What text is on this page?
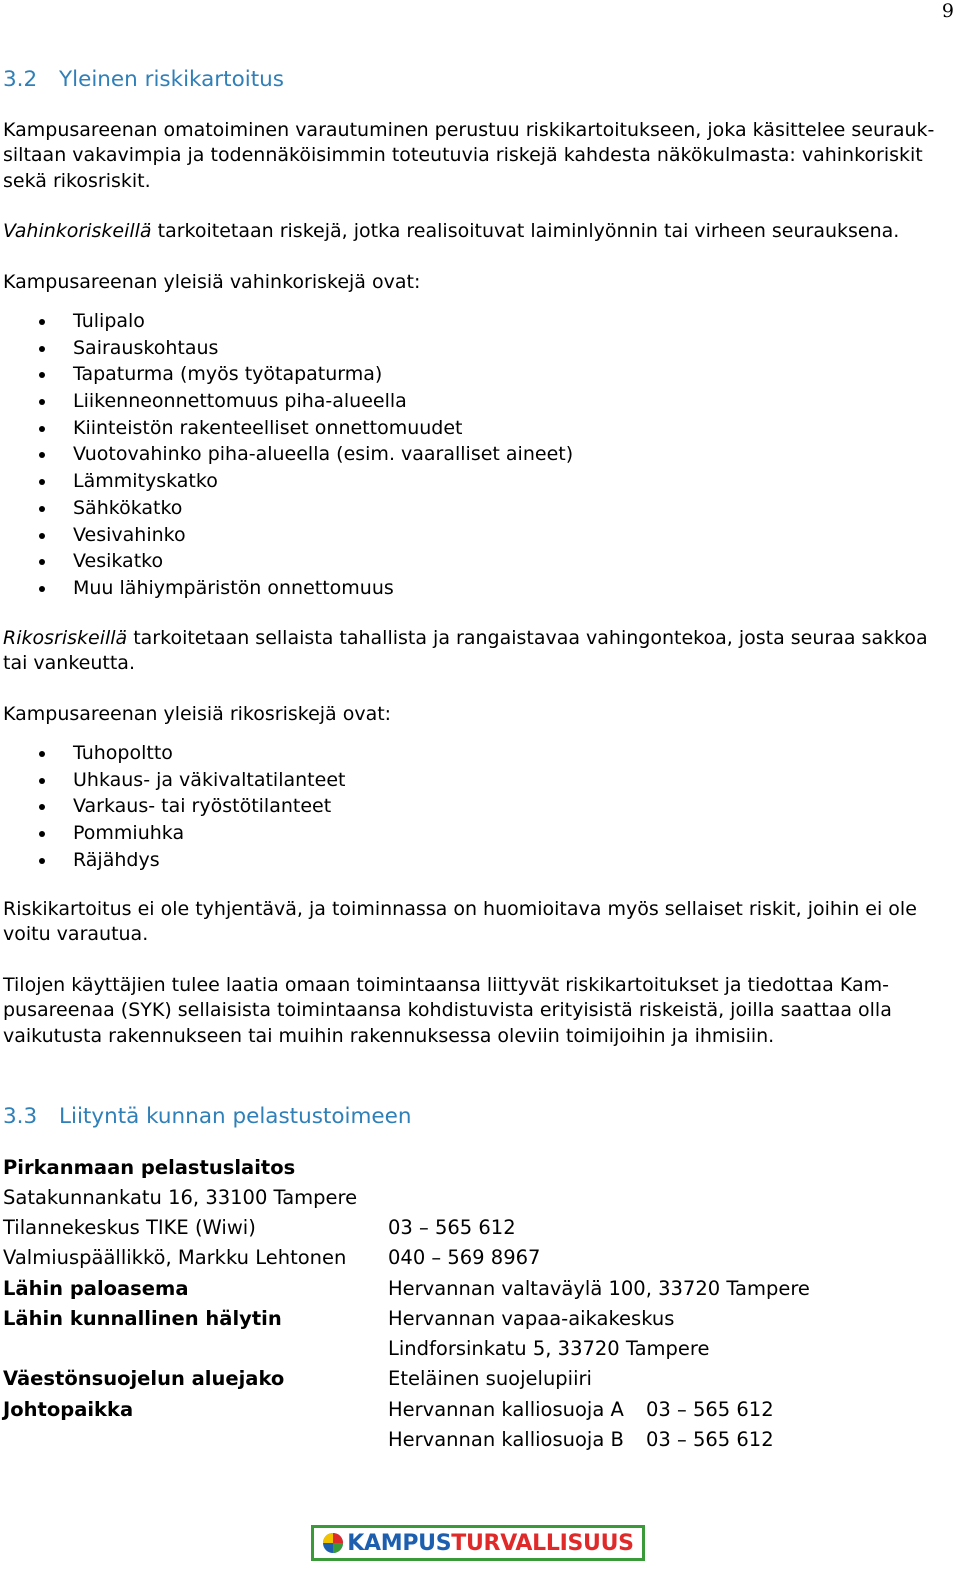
9
3.2 Yleinen riskikartoitus
Kampusareenan omatoiminen varautuminen perustuu riskikartoitukseen, joka käsittelee seurauk-
siltaan vakavimpia ja todennäköisimmin toteutuvia riskejä kahdesta näkökulmasta: vahinkoriskit
sekä rikosriskit.
Vahinkoriskeillä tarkoitetaan riskejä, jotka realisoituvat laiminlyönnin tai virheen seurauksena.
Kampusareenan yleisiä vahinkoriskejä ovat:
Tulipalo
Sairauskohtaus
Tapaturma (myös työtapaturma)
Liikenneonnettomuus piha-alueella
Kiinteistön rakenteelliset onnettomuudet
Vuotovahinko piha-alueella (esim. vaaralliset aineet)
Lämmityskatko
Sähkökatko
Vesivahinko
Vesikatko
Muu lähiympäristön onnettomuus
Rikosriskeillä tarkoitetaan sellaista tahallista ja rangaistavaa vahingontekoa, josta seuraa sakkoa
tai vankeutta.
Kampusareenan yleisiä rikosriskejä ovat:
Tuhopoltto
Uhkaus- ja väkivaltatilanteet
Varkaus- tai ryöstötilanteet
Pommiuhka
Räjähdys
Riskikartoitus ei ole tyhjentävä, ja toiminnassa on huomioitava myös sellaiset riskit, joihin ei ole
voitu varautua.
Tilojen käyttäjien tulee laatia omaan toimintaansa liittyvät riskikartoitukset ja tiedottaa Kam-
pusareenaa (SYK) sellaisista toimintaansa kohdistuvista erityisistä riskeistä, joilla saattaa olla
vaikutusta rakennukseen tai muihin rakennuksessa oleviin toimijoihin ja ihmisiin.
3.3 Liityntä kunnan pelastustoimeen
Pirkanmaan pelastuslaitos
Satakunnankatu 16, 33100 Tampere
Tilannekeskus TIKE (Wiwi)	03 – 565 612
Valmiuspäällikkö, Markku Lehtonen 040 – 569 8967
Lähin paloasema	Hervannan valtaväylä 100, 33720 Tampere
Lähin kunnallinen hälytin	Hervannan vapaa-aikakeskus
Lindforsinkatu 5, 33720 Tampere
Väestönsuojelun aluejako	Eteläinen suojelupiiri
Johtopaikka	Hervannan kalliosuoja A 03 – 565 612
Hervannan kalliosuoja B 03 – 565 612
KAMPUS TURVALLISUUS
